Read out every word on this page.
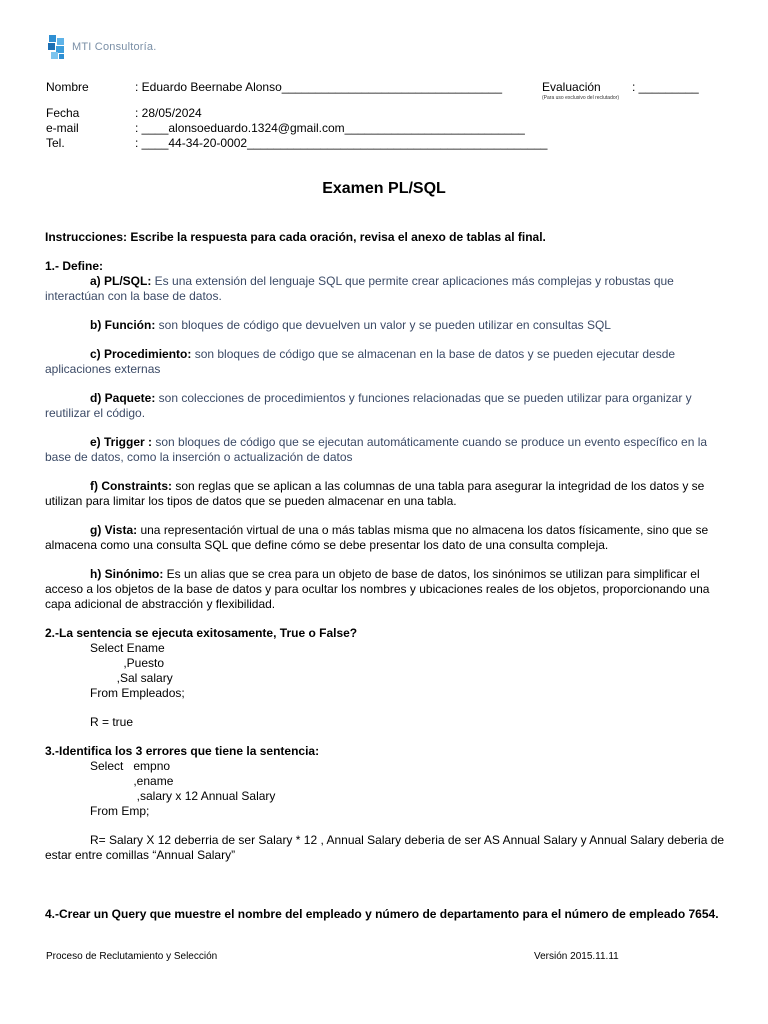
MTI Consultoría.
Nombre	: Eduardo Beernabe Alonso_________________________________	Evaluación	: _________
(Para uso exclusivo del reclutador)
Fecha	: 28/05/2024
e-mail	: ____alonsoeduardo.1324@gmail.com___________________________
Tel.	: ____44-34-20-0002_____________________________________________
Examen PL/SQL

Instrucciones: Escribe la respuesta para cada oración, revisa el anexo de tablas al final.

1.- Define:

a) PL/SQL: Es una extensión del lenguaje SQL que permite crear aplicaciones más complejas y robustas que interactúan con la base de datos.

b) Función: son bloques de código que devuelven un valor y se pueden utilizar en consultas SQL

c) Procedimiento: son bloques de código que se almacenan en la base de datos y se pueden ejecutar desde aplicaciones externas

d) Paquete: son colecciones de procedimientos y funciones relacionadas que se pueden utilizar para organizar y reutilizar el código.

e) Trigger : son bloques de código que se ejecutan automáticamente cuando se produce un evento específico en la base de datos, como la inserción o actualización de datos

f) Constraints: son reglas que se aplican a las columnas de una tabla para asegurar la integridad de los datos y se utilizan para limitar los tipos de datos que se pueden almacenar en una tabla.

g) Vista: una representación virtual de una o más tablas misma que no almacena los datos físicamente, sino que se almacena como una consulta SQL que define cómo se debe presentar los dato de una consulta compleja.

h) Sinónimo: Es un alias que se crea para un objeto de base de datos, los sinónimos se utilizan para simplificar el acceso a los objetos de la base de datos y para ocultar los nombres y ubicaciones reales de los objetos, proporcionando una capa adicional de abstracción y flexibilidad.

2.-La sentencia se ejecuta exitosamente, True o False?

Select Ename

,Puesto

,Sal salary

From Empleados;

R = true

3.-Identifica los 3 errores que tiene la sentencia:

Select   empno

,ename

,salary x 12 Annual Salary

From Emp;

R= Salary X 12 deberria de ser Salary * 12 , Annual Salary deberia de ser AS Annual Salary y Annual Salary deberia de estar entre comillas “Annual Salary”

4.-Crear un Query que muestre el nombre del empleado y número de departamento para el número de empleado 7654.

Proceso de Reclutamiento y Selección	Versión 2015.11.11
